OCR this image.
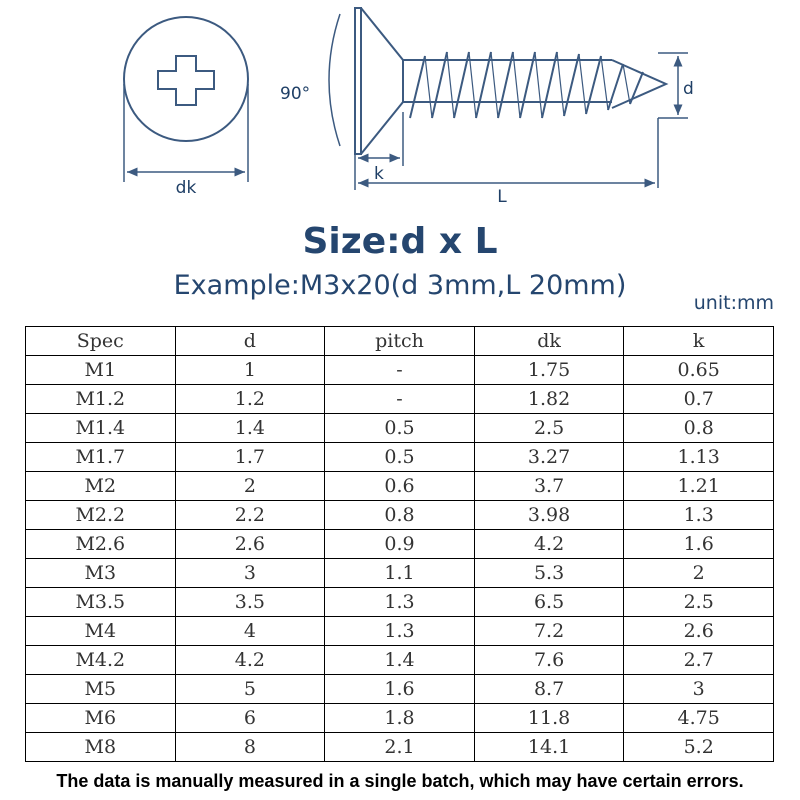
dk
90°	d
k
L
Size:d x L
Example:M3x20(d 3mm,L 20mm)
unit:mm
Spec	d	pitch	dk	k
M1	1	-	1.75	0.65
M1.2	1.2	-	1.82	0.7
M1.4	1.4	0.5	2.5	0.8
M1.7	1.7	0.5	3.27	1.13
M2	2	0.6	3.7	1.21
M2.2	2.2	0.8	3.98	1.3
M2.6	2.6	0.9	4.2	1.6
M3	3	1.1	5.3	2
M3.5	3.5	1.3	6.5	2.5
M4	4	1.3	7.2	2.6
M4.2	4.2	1.4	7.6	2.7
M5	5	1.6	8.7	3
M6	6	1.8	11.8	4.75
M8	8	2.1	14.1	5.2
The data is manually measured in a single batch, which may have certain errors.
